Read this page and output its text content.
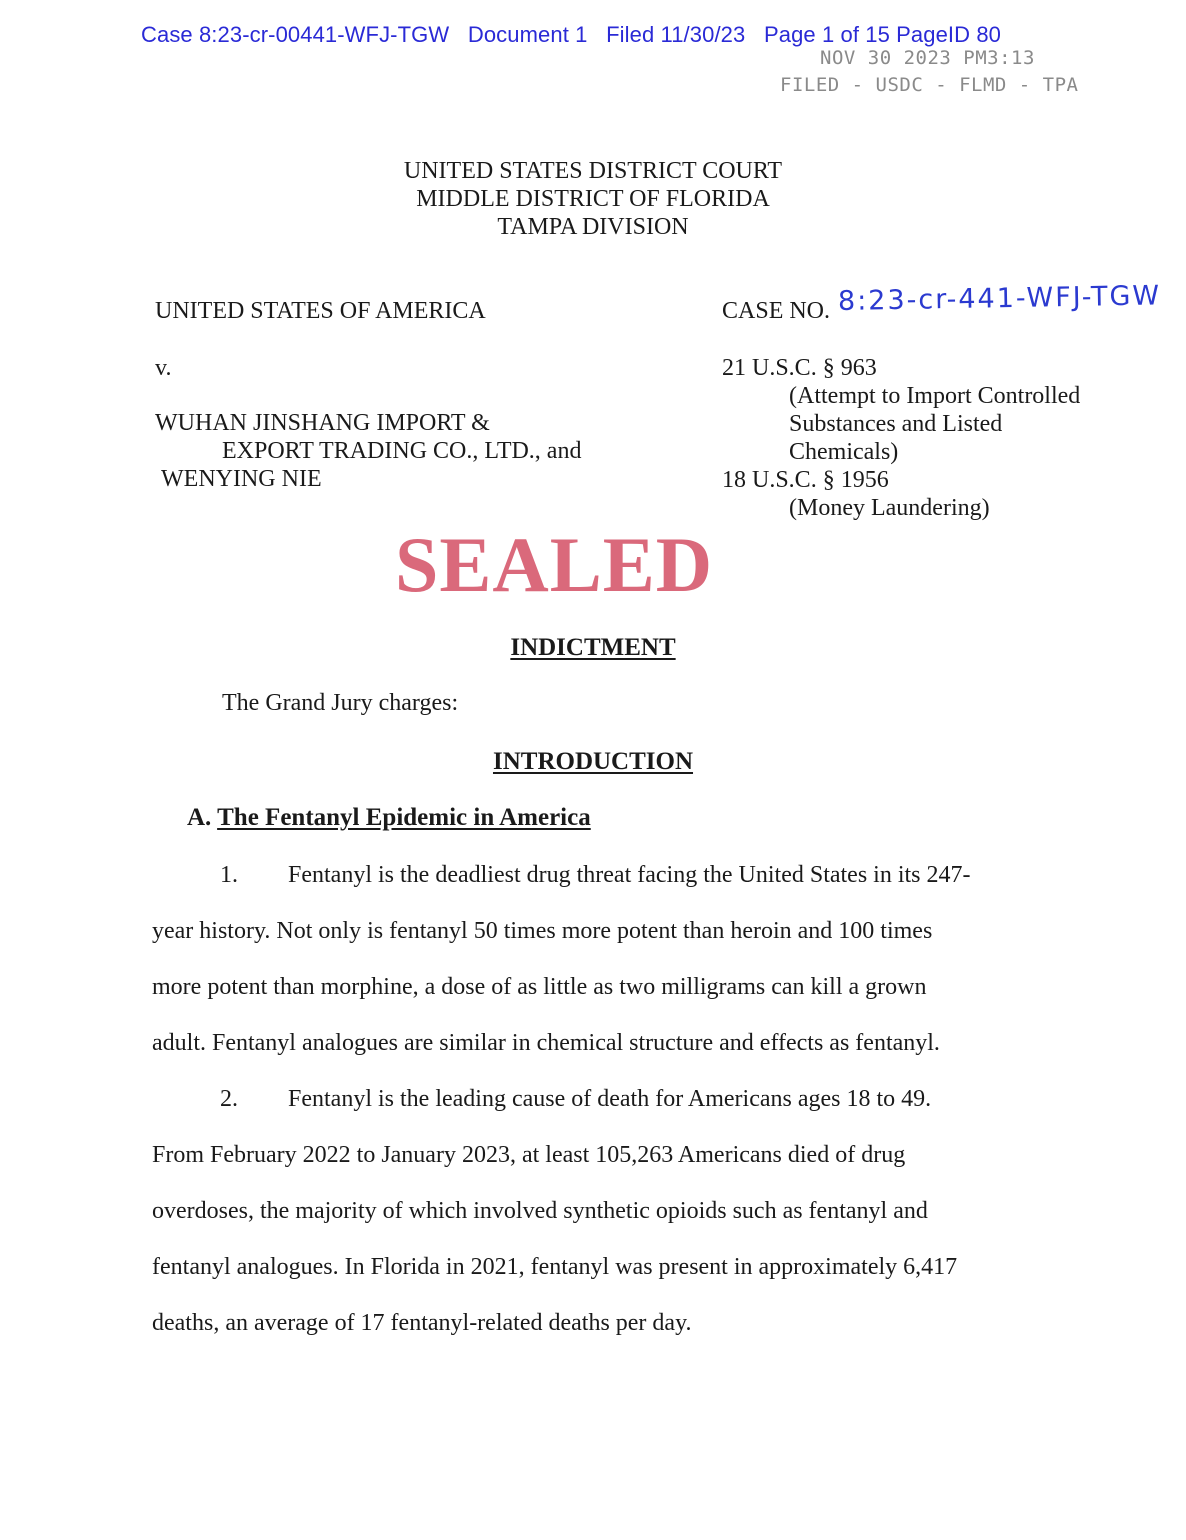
Case 8:23-cr-00441-WFJ-TGW Document 1 Filed 11/30/23 Page 1 of 15 PageID 80
NOV 30 2023 PM3:13
FILED - USDC - FLMD - TPA
UNITED STATES DISTRICT COURT
MIDDLE DISTRICT OF FLORIDA
TAMPA DIVISION
UNITED STATES OF AMERICA
v.
WUHAN JINSHANG IMPORT &
EXPORT TRADING CO., LTD., and
WENYING NIE
CASE NO. 8:23-cr-441-WFJ-TGW
21 U.S.C. § 963
(Attempt to Import Controlled
Substances and Listed
Chemicals)
18 U.S.C. § 1956
(Money Laundering)
SEALED
INDICTMENT
The Grand Jury charges:
INTRODUCTION
A. The Fentanyl Epidemic in America
1. Fentanyl is the deadliest drug threat facing the United States in its 247-
year history. Not only is fentanyl 50 times more potent than heroin and 100 times
more potent than morphine, a dose of as little as two milligrams can kill a grown
adult. Fentanyl analogues are similar in chemical structure and effects as fentanyl.
2. Fentanyl is the leading cause of death for Americans ages 18 to 49.
From February 2022 to January 2023, at least 105,263 Americans died of drug
overdoses, the majority of which involved synthetic opioids such as fentanyl and
fentanyl analogues. In Florida in 2021, fentanyl was present in approximately 6,417
deaths, an average of 17 fentanyl-related deaths per day.
